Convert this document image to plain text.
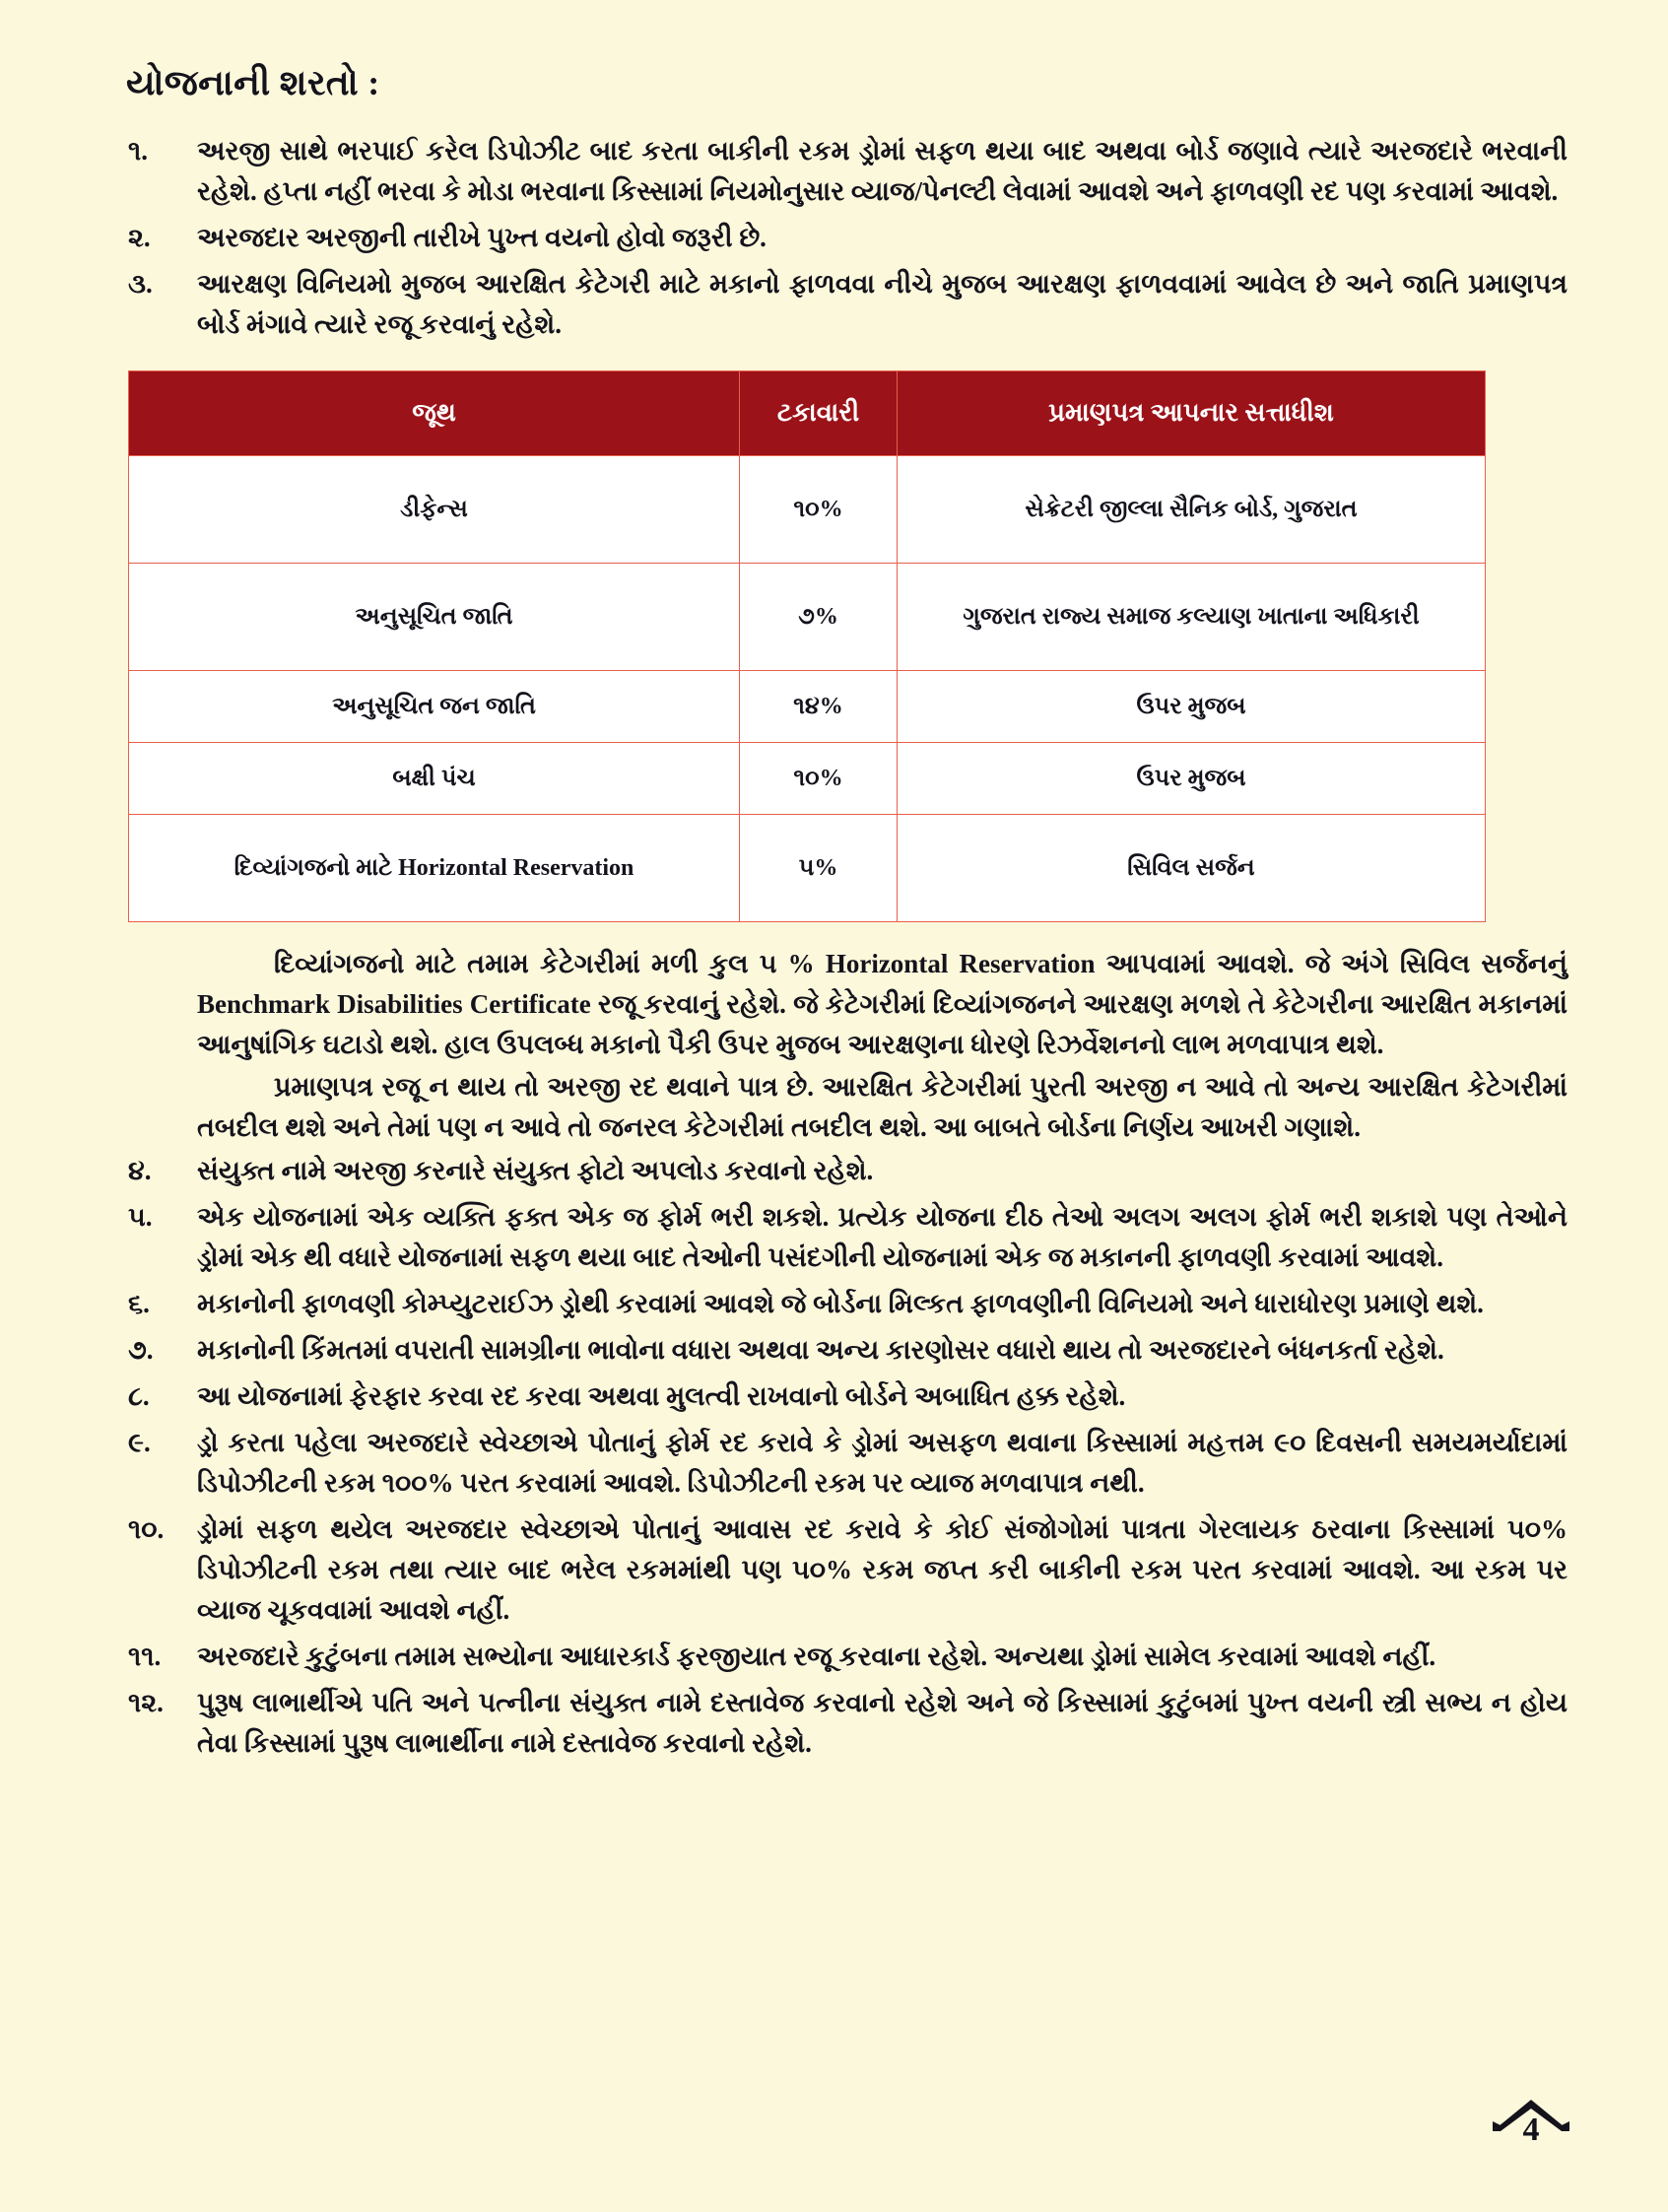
યોજનાની શરતો :
૧.	અરજી સાથે ભરપાઈ કરેલ ડિપોઝીટ બાદ કરતા બાકીની રકમ ડ્રોમાં સફળ થયા બાદ અથવા બોર્ડ જણાવે ત્યારે અરજદારે ભરવાની રહેશે. હપ્તા નહીં ભરવા કે મોડા ભરવાના કિસ્સામાં નિયમોનુસાર વ્યાજ/પેનલ્ટી લેવામાં આવશે અને ફાળવણી રદ પણ કરવામાં આવશે.
૨.	અરજદાર અરજીની તારીખે પુખ્ત વયનો હોવો જરૂરી છે.
૩.	આરક્ષણ વિનિયમો મુજબ આરક્ષિત કેટેગરી માટે મકાનો ફાળવવા નીચે મુજબ આરક્ષણ ફાળવવામાં આવેલ છે અને જાતિ પ્રમાણપત્ર બોર્ડ મંગાવે ત્યારે રજૂ કરવાનું રહેશે.
જૂથ	ટકાવારી	પ્રમાણપત્ર આપનાર સત્તાધીશ
ડીફેન્સ	૧૦%	સેક્રેટરી જીલ્લા સૈનિક બોર્ડ, ગુજરાત
અનુસૂચિત જાતિ	૭%	ગુજરાત રાજ્ય સમાજ કલ્યાણ ખાતાના અધિકારી
અનુસૂચિત જન જાતિ	૧૪%	ઉપર મુજબ
બક્ષી પંચ	૧૦%	ઉપર મુજબ
દિવ્યાંગજનો માટે Horizontal Reservation	૫%	સિવિલ સર્જન

દિવ્યાંગજનો માટે તમામ કેટેગરીમાં મળી કુલ ૫ % Horizontal Reservation આપવામાં આવશે. જે અંગે સિવિલ સર્જનનું Benchmark Disabilities Certificate રજૂ કરવાનું રહેશે. જે કેટેગરીમાં દિવ્યાંગજનને આરક્ષણ મળશે તે કેટેગરીના આરક્ષિત મકાનમાં આનુષાંગિક ઘટાડો થશે. હાલ ઉપલબ્ધ મકાનો પૈકી ઉપર મુજબ આરક્ષણના ધોરણે રિઝર્વેશનનો લાભ મળવાપાત્ર થશે.

પ્રમાણપત્ર રજૂ ન થાય તો અરજી રદ થવાને પાત્ર છે. આરક્ષિત કેટેગરીમાં પુરતી અરજી ન આવે તો અન્ય આરક્ષિત કેટેગરીમાં તબદીલ થશે અને તેમાં પણ ન આવે તો જનરલ કેટેગરીમાં તબદીલ થશે. આ બાબતે બોર્ડના નિર્ણય આખરી ગણાશે.

૪.	સંયુક્ત નામે અરજી કરનારે સંયુક્ત ફોટો અપલોડ કરવાનો રહેશે.
૫.	એક યોજનામાં એક વ્યક્તિ ફક્ત એક જ ફોર્મ ભરી શકશે. પ્રત્યેક યોજના દીઠ તેઓ અલગ અલગ ફોર્મ ભરી શકાશે પણ તેઓને ડ્રોમાં એક થી વધારે યોજનામાં સફળ થયા બાદ તેઓની પસંદગીની યોજનામાં એક જ મકાનની ફાળવણી કરવામાં આવશે.
૬.	મકાનોની ફાળવણી કોમ્પ્યુટરાઈઝ ડ્રોથી કરવામાં આવશે જે બોર્ડના મિલ્કત ફાળવણીની વિનિયમો અને ધારાધોરણ પ્રમાણે થશે.
૭.	મકાનોની કિંમતમાં વપરાતી સામગ્રીના ભાવોના વધારા અથવા અન્ય કારણોસર વધારો થાય તો અરજદારને બંધનકર્તા રહેશે.
૮.	આ યોજનામાં ફેરફાર કરવા રદ કરવા અથવા મુલત્વી રાખવાનો બોર્ડને અબાધિત હક્ક રહેશે.
૯.	ડ્રો કરતા પહેલા અરજદારે સ્વેચ્છાએ પોતાનું ફોર્મ રદ કરાવે કે ડ્રોમાં અસફળ થવાના કિસ્સામાં મહત્તમ ૯૦ દિવસની સમયમર્યાદામાં ડિપોઝીટની રકમ ૧૦૦% પરત કરવામાં આવશે. ડિપોઝીટની રકમ પર વ્યાજ મળવાપાત્ર નથી.
૧૦.	ડ્રોમાં સફળ થયેલ અરજદાર સ્વેચ્છાએ પોતાનું આવાસ રદ કરાવે કે કોઈ સંજોગોમાં પાત્રતા ગેરલાયક ઠરવાના કિસ્સામાં ૫૦% ડિપોઝીટની રકમ તથા ત્યાર બાદ ભરેલ રકમમાંથી પણ ૫૦% રકમ જપ્ત કરી બાકીની રકમ પરત કરવામાં આવશે. આ રકમ પર વ્યાજ ચૂકવવામાં આવશે નહીં.
૧૧.	અરજદારે કુટુંબના તમામ સભ્યોના આધારકાર્ડ ફરજીયાત રજૂ કરવાના રહેશે. અન્યથા ડ્રોમાં સામેલ કરવામાં આવશે નહીં.
૧૨.	પુરૂષ લાભાર્થીએ પતિ અને પત્નીના સંયુક્ત નામે દસ્તાવેજ કરવાનો રહેશે અને જે કિસ્સામાં કુટુંબમાં પુખ્ત વયની સ્ત્રી સભ્ય ન હોય તેવા કિસ્સામાં પુરૂષ લાભાર્થીના નામે દસ્તાવેજ કરવાનો રહેશે.
4
